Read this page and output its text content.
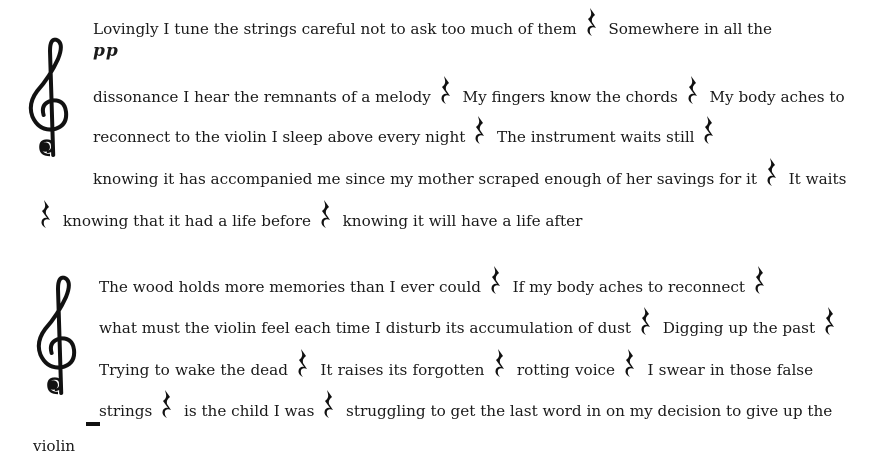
Lovingly I tune the strings careful not to ask too much of them Somewhere in all the
pp
dissonance I hear the remnants of a melody My fingers know the chords My body aches to
reconnect to the violin I sleep above every night The instrument waits still
knowing it has accompanied me since my mother scraped enough of her savings for it It waits
knowing that it had a life before knowing it will have a life after
The wood holds more memories than I ever could If my body aches to reconnect
what must the violin feel each time I disturb its accumulation of dust Digging up the past
Trying to wake the dead It raises its forgotten rotting voice I swear in those false
strings is the child I was struggling to get the last word in on my decision to give up the
violin
